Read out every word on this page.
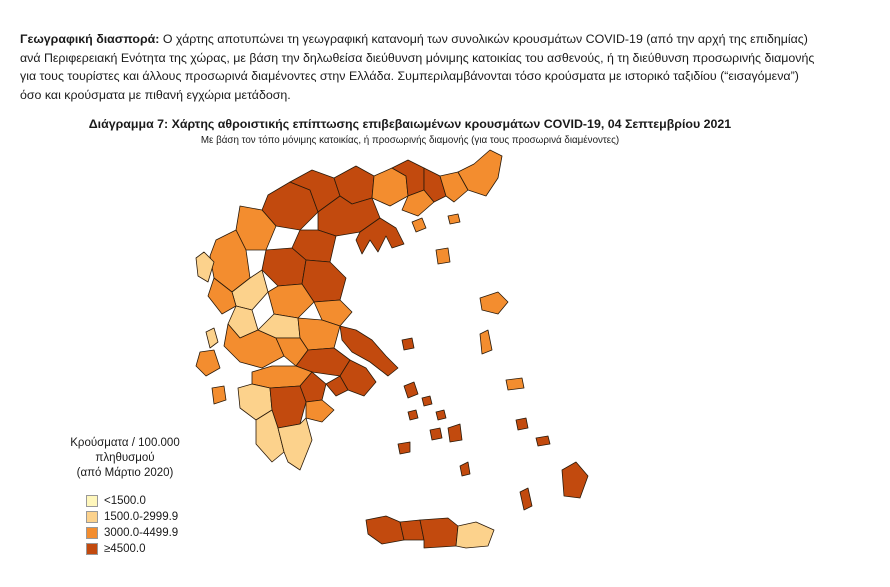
Γεωγραφική διασπορά: Ο χάρτης αποτυπώνει τη γεωγραφική κατανομή των συνολικών κρουσμάτων COVID-19 (από την αρχή της επιδημίας) ανά Περιφερειακή Ενότητα της χώρας, με βάση την δηλωθείσα διεύθυνση μόνιμης κατοικίας του ασθενούς, ή τη διεύθυνση προσωρινής διαμονής για τους τουρίστες και άλλους προσωρινά διαμένοντες στην Ελλάδα. Συμπεριλαμβάνονται τόσο κρούσματα με ιστορικό ταξιδίου (“εισαγόμενα”) όσο και κρούσματα με πιθανή εγχώρια μετάδοση.
Διάγραμμα 7: Χάρτης αθροιστικής επίπτωσης επιβεβαιωμένων κρουσμάτων COVID-19, 04 Σεπτεμβρίου 2021
Με βάση τον τόπο μόνιμης κατοικίας, ή προσωρινής διαμονής (για τους προσωρινά διαμένοντες)
Κρούσματα / 100.000 πληθυσμού
(από Μάρτιο 2020)
<1500.0
1500.0-2999.9
3000.0-4499.9
≥4500.0
